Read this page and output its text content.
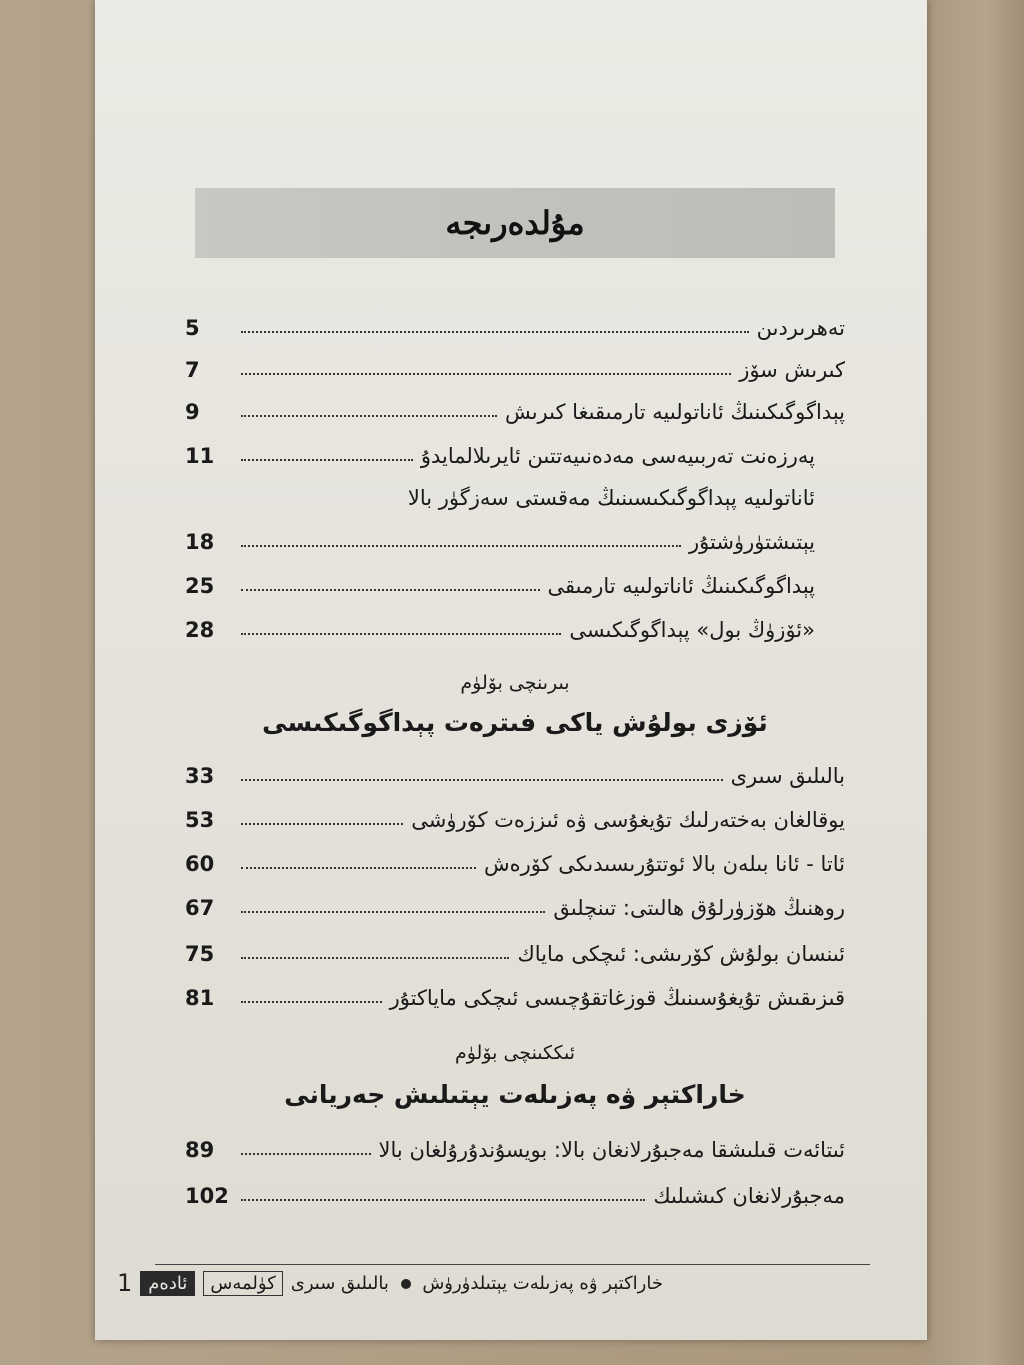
مۇلدەرىجە
5	تەھرىردىن
7	كىرىش سۆز
9	پېداگوگىكىنىڭ ئاناتولىيە تارمىقىغا كىرىش
11	پەرزەنت تەربىيەسى مەدەنىيەتتىن ئايرىلالمايدۇ
ئاناتولىيە پېداگوگىكىسىنىڭ مەقستى سەزگۈر بالا
18	يېتىشتۈرۈشتۇر
25	پېداگوگىكىنىڭ ئاناتولىيە تارمىقى
28	«ئۆزۈڭ بول» پېداگوگىكىسى
بىرىنچى بۆلۈم
ئۆزى بولۇش ياكى فىترەت پېداگوگىكىسى
33	بالىلىق سىرى
53	يوقالغان بەختەرلىك تۇيغۇسى ۋە ئىززەت كۆرۈشى
60	ئاتا - ئانا بىلەن بالا ئوتتۇرىسىدىكى كۆرەش
67	روھنىڭ ھۆزۈرلۇق ھالىتى: تىنچلىق
75	ئىنسان بولۇش كۆرىشى: ئىچكى ماياك
81	قىزىقىش تۇيغۇسىنىڭ قوزغاتقۇچىسى ئىچكى ماياكتۇر
ئىككىنچى بۆلۈم
خاراكتېر ۋە پەزىلەت يېتىلىش جەريانى
89	ئىتائەت قىلىشقا مەجبۇرلانغان بالا: بويسۇندۇرۇلغان بالا
102	مەجبۇرلانغان كىشىلىك
1 ئادەم	كۈلمەس	خاراكتېر ۋە پەزىلەت يېتىلدۈرۈش  بالىلىق سىرى
